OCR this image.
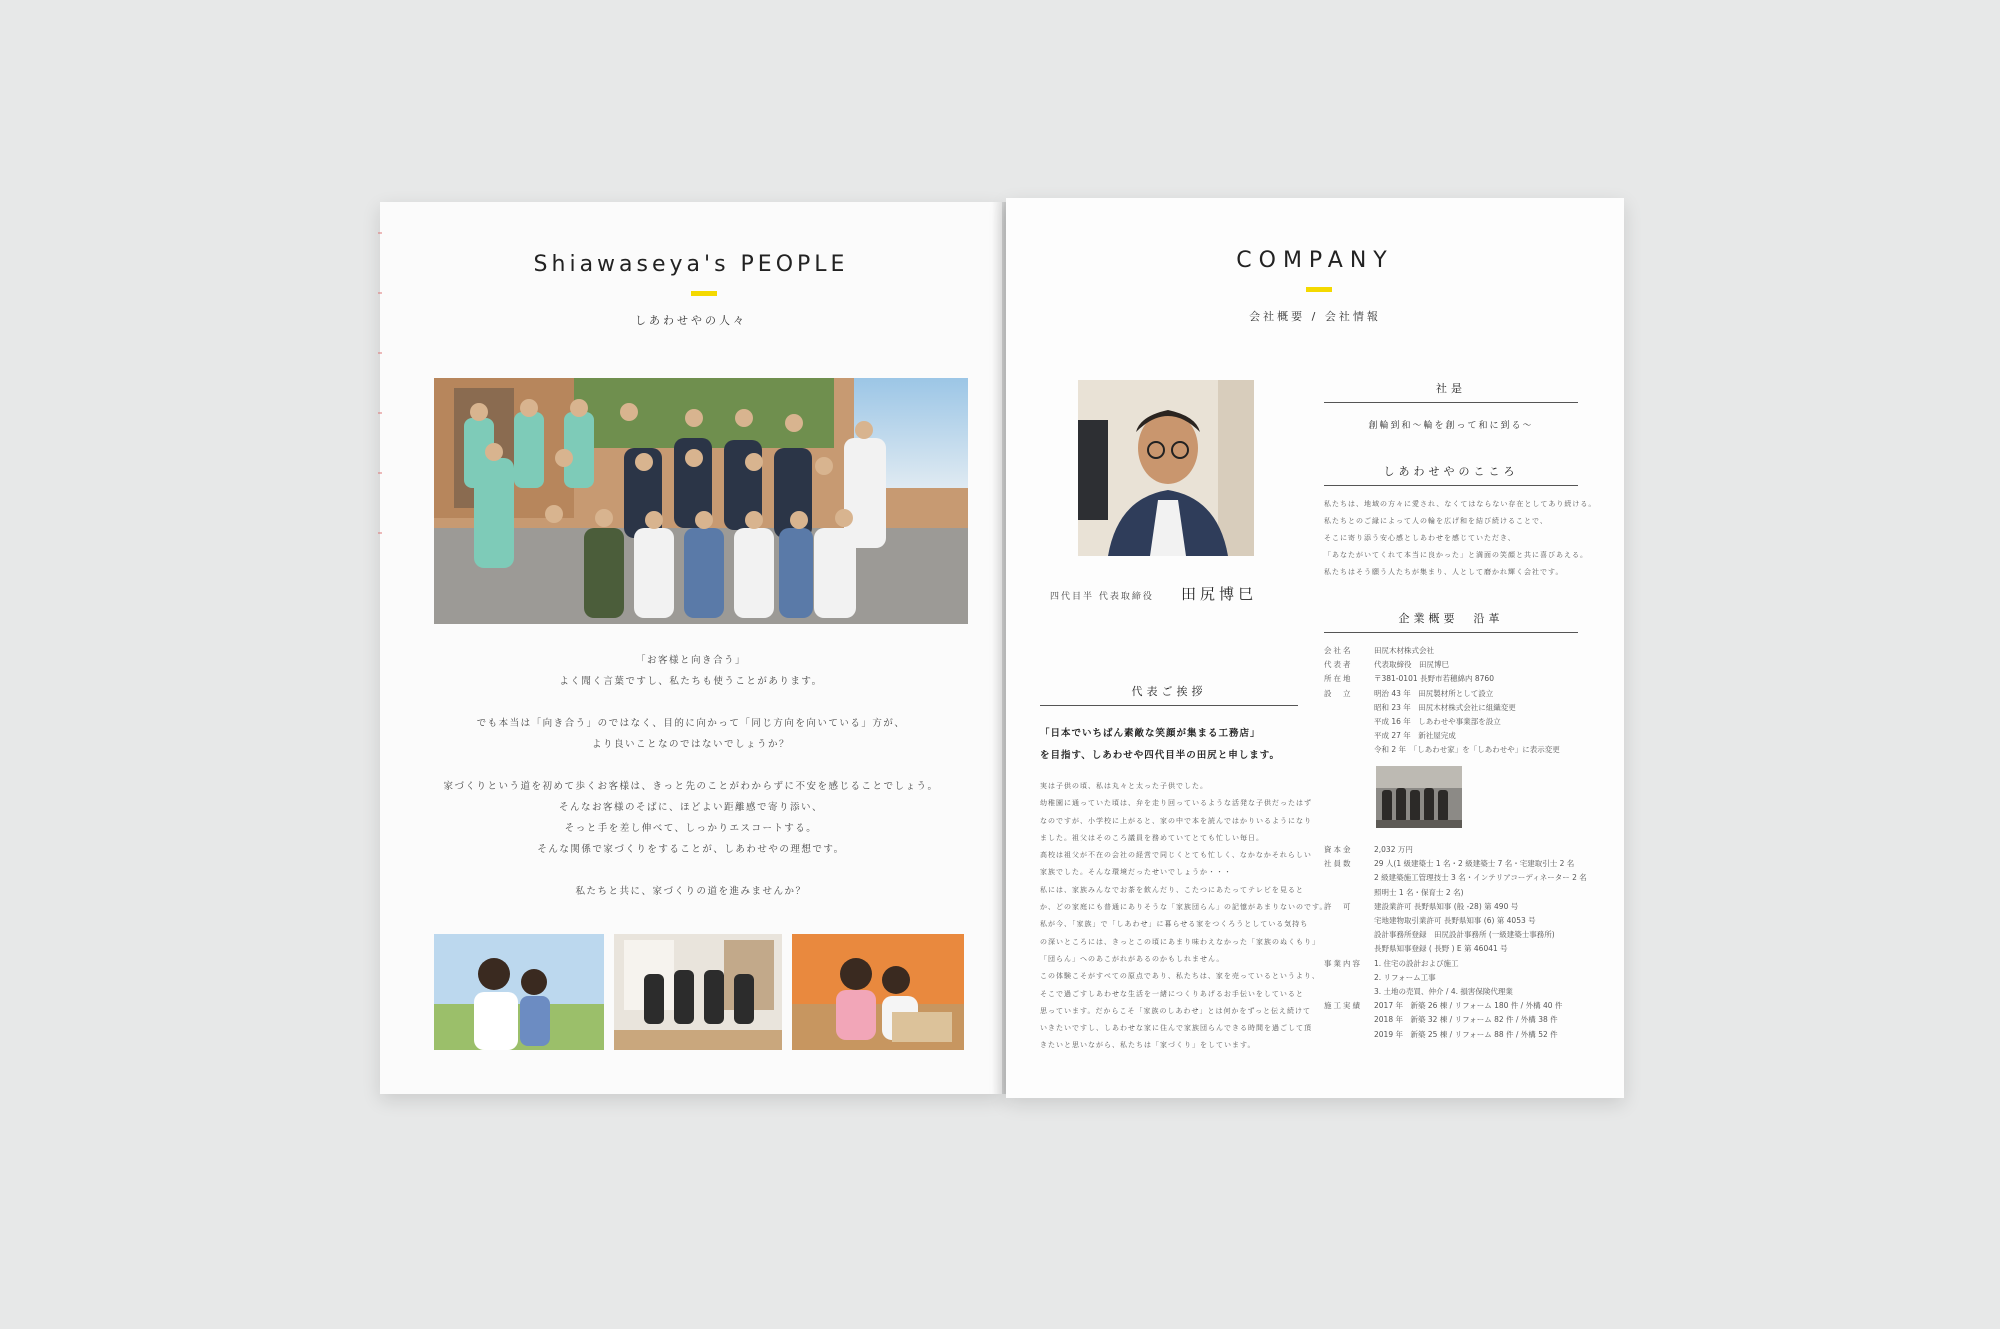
Shiawaseya's PEOPLE
しあわせやの人々

「お客様と向き合う」

よく聞く言葉ですし、私たちも使うことがあります。

でも本当は「向き合う」のではなく、目的に向かって「同じ方向を向いている」方が、

より良いことなのではないでしょうか？

家づくりという道を初めて歩くお客様は、きっと先のことがわからずに不安を感じることでしょう。

そんなお客様のそばに、ほどよい距離感で寄り添い、

そっと手を差し伸べて、しっかりエスコートする。

そんな関係で家づくりをすることが、しあわせやの理想です。

私たちと共に、家づくりの道を進みませんか？

COMPANY
会社概要 / 会社情報
四代目半 代表取締役 田尻博巳
代表ご挨拶
「日本でいちばん素敵な笑顔が集まる工務店」
を目指す、しあわせや四代目半の田尻と申します。
実は子供の頃、私は丸々と太った子供でした。
幼稚園に通っていた頃は、弁を走り回っているような活発な子供だったはず
なのですが、小学校に上がると、家の中で本を読んではかりいるようになり
ました。祖父はそのころ議員を務めていてとても忙しい毎日。
高校は祖父が不在の会社の経営で同じくとても忙しく、なかなかそれらしい
家族でした。そんな環境だったせいでしょうか・・・
私には、家族みんなでお茶を飲んだり、こたつにあたってテレビを見ると
か、どの家庭にも普通にありそうな「家族団らん」の記憶があまりないのです。
私が今、「家族」で「しあわせ」に暮らせる家をつくろうとしている気持ち
の深いところには、きっとこの頃にあまり味わえなかった「家族のぬくもり」
「団らん」へのあこがれがあるのかもしれません。
この体験こそがすべての原点であり、私たちは、家を売っているというより、
そこで過ごすしあわせな生活を一緒につくりあげるお手伝いをしていると
思っています。だからこそ「家族のしあわせ」とは何かをずっと伝え続けて
いきたいですし、しあわせな家に住んで家族団らんできる時間を過ごして頂
きたいと思いながら、私たちは「家づくり」をしています。
社是
創輪到和〜輪を創って和に到る〜
しあわせやのこころ
私たちは、地域の方々に愛され、なくてはならない存在としてあり続ける。
私たちとのご縁によって人の輪を広げ和を結び続けることで、
そこに寄り添う安心感としあわせを感じていただき、
「あなたがいてくれて本当に良かった」と満面の笑顔と共に喜びあえる。
私たちはそう願う人たちが集まり、人として磨かれ輝く会社です。
企業概要　沿革
会社名	田尻木材株式会社
代表者	代表取締役　田尻博巳
所在地	〒381-0101 長野市若穂綿内 8760
設　立	明治 43 年　田尻製材所として設立
昭和 23 年　田尻木材株式会社に組織変更
平成 16 年　しあわせや事業部を設立
平成 27 年　新社屋完成
令和 2 年　「しあわせ家」を「しあわせや」に表示変更
資本金	2,032 万円
社員数	29 人(1 級建築士 1 名・2 級建築士 7 名・宅建取引士 2 名
2 級建築施工管理技士 3 名・インテリアコーディネーター 2 名
照明士 1 名・保育士 2 名)
許　可	建設業許可 長野県知事 (般 -28) 第 490 号
宅地建物取引業許可 長野県知事 (6) 第 4053 号
設計事務所登録　田尻設計事務所 (一級建築士事務所)
長野県知事登録 ( 長野 ) E 第 46041 号
事業内容	1. 住宅の設計および施工
2. リフォーム工事
3. 土地の売買、仲介 / 4. 損害保険代理業
施工実績	2017 年　新築 26 棟 / リフォーム 180 件 / 外構 40 件
2018 年　新築 32 棟 / リフォーム 82 件 / 外構 38 件
2019 年　新築 25 棟 / リフォーム 88 件 / 外構 52 件
